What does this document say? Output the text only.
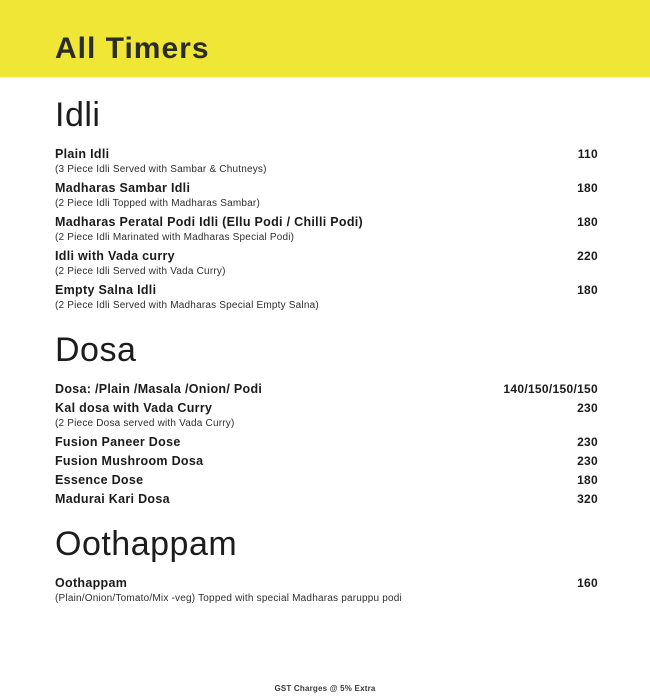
All Timers
Idli
Plain Idli	110
(3 Piece Idli Served with Sambar & Chutneys)
Madharas Sambar Idli	180
(2 Piece Idli Topped with Madharas Sambar)
Madharas Peratal Podi Idli (Ellu Podi / Chilli Podi)	180
(2 Piece Idli Marinated with Madharas Special Podi)
Idli with Vada curry	220
(2 Piece Idli Served with Vada Curry)
Empty Salna Idli	180
(2 Piece Idli Served with Madharas Special Empty Salna)
Dosa
Dosa: /Plain /Masala /Onion/ Podi	140/150/150/150
Kal dosa with Vada Curry	230
(2 Piece Dosa served with Vada Curry)
Fusion Paneer Dose	230
Fusion Mushroom Dosa	230
Essence Dose	180
Madurai Kari Dosa	320
Oothappam
Oothappam	160
(Plain/Onion/Tomato/Mix -veg) Topped with special Madharas paruppu podi
GST Charges @ 5% Extra
